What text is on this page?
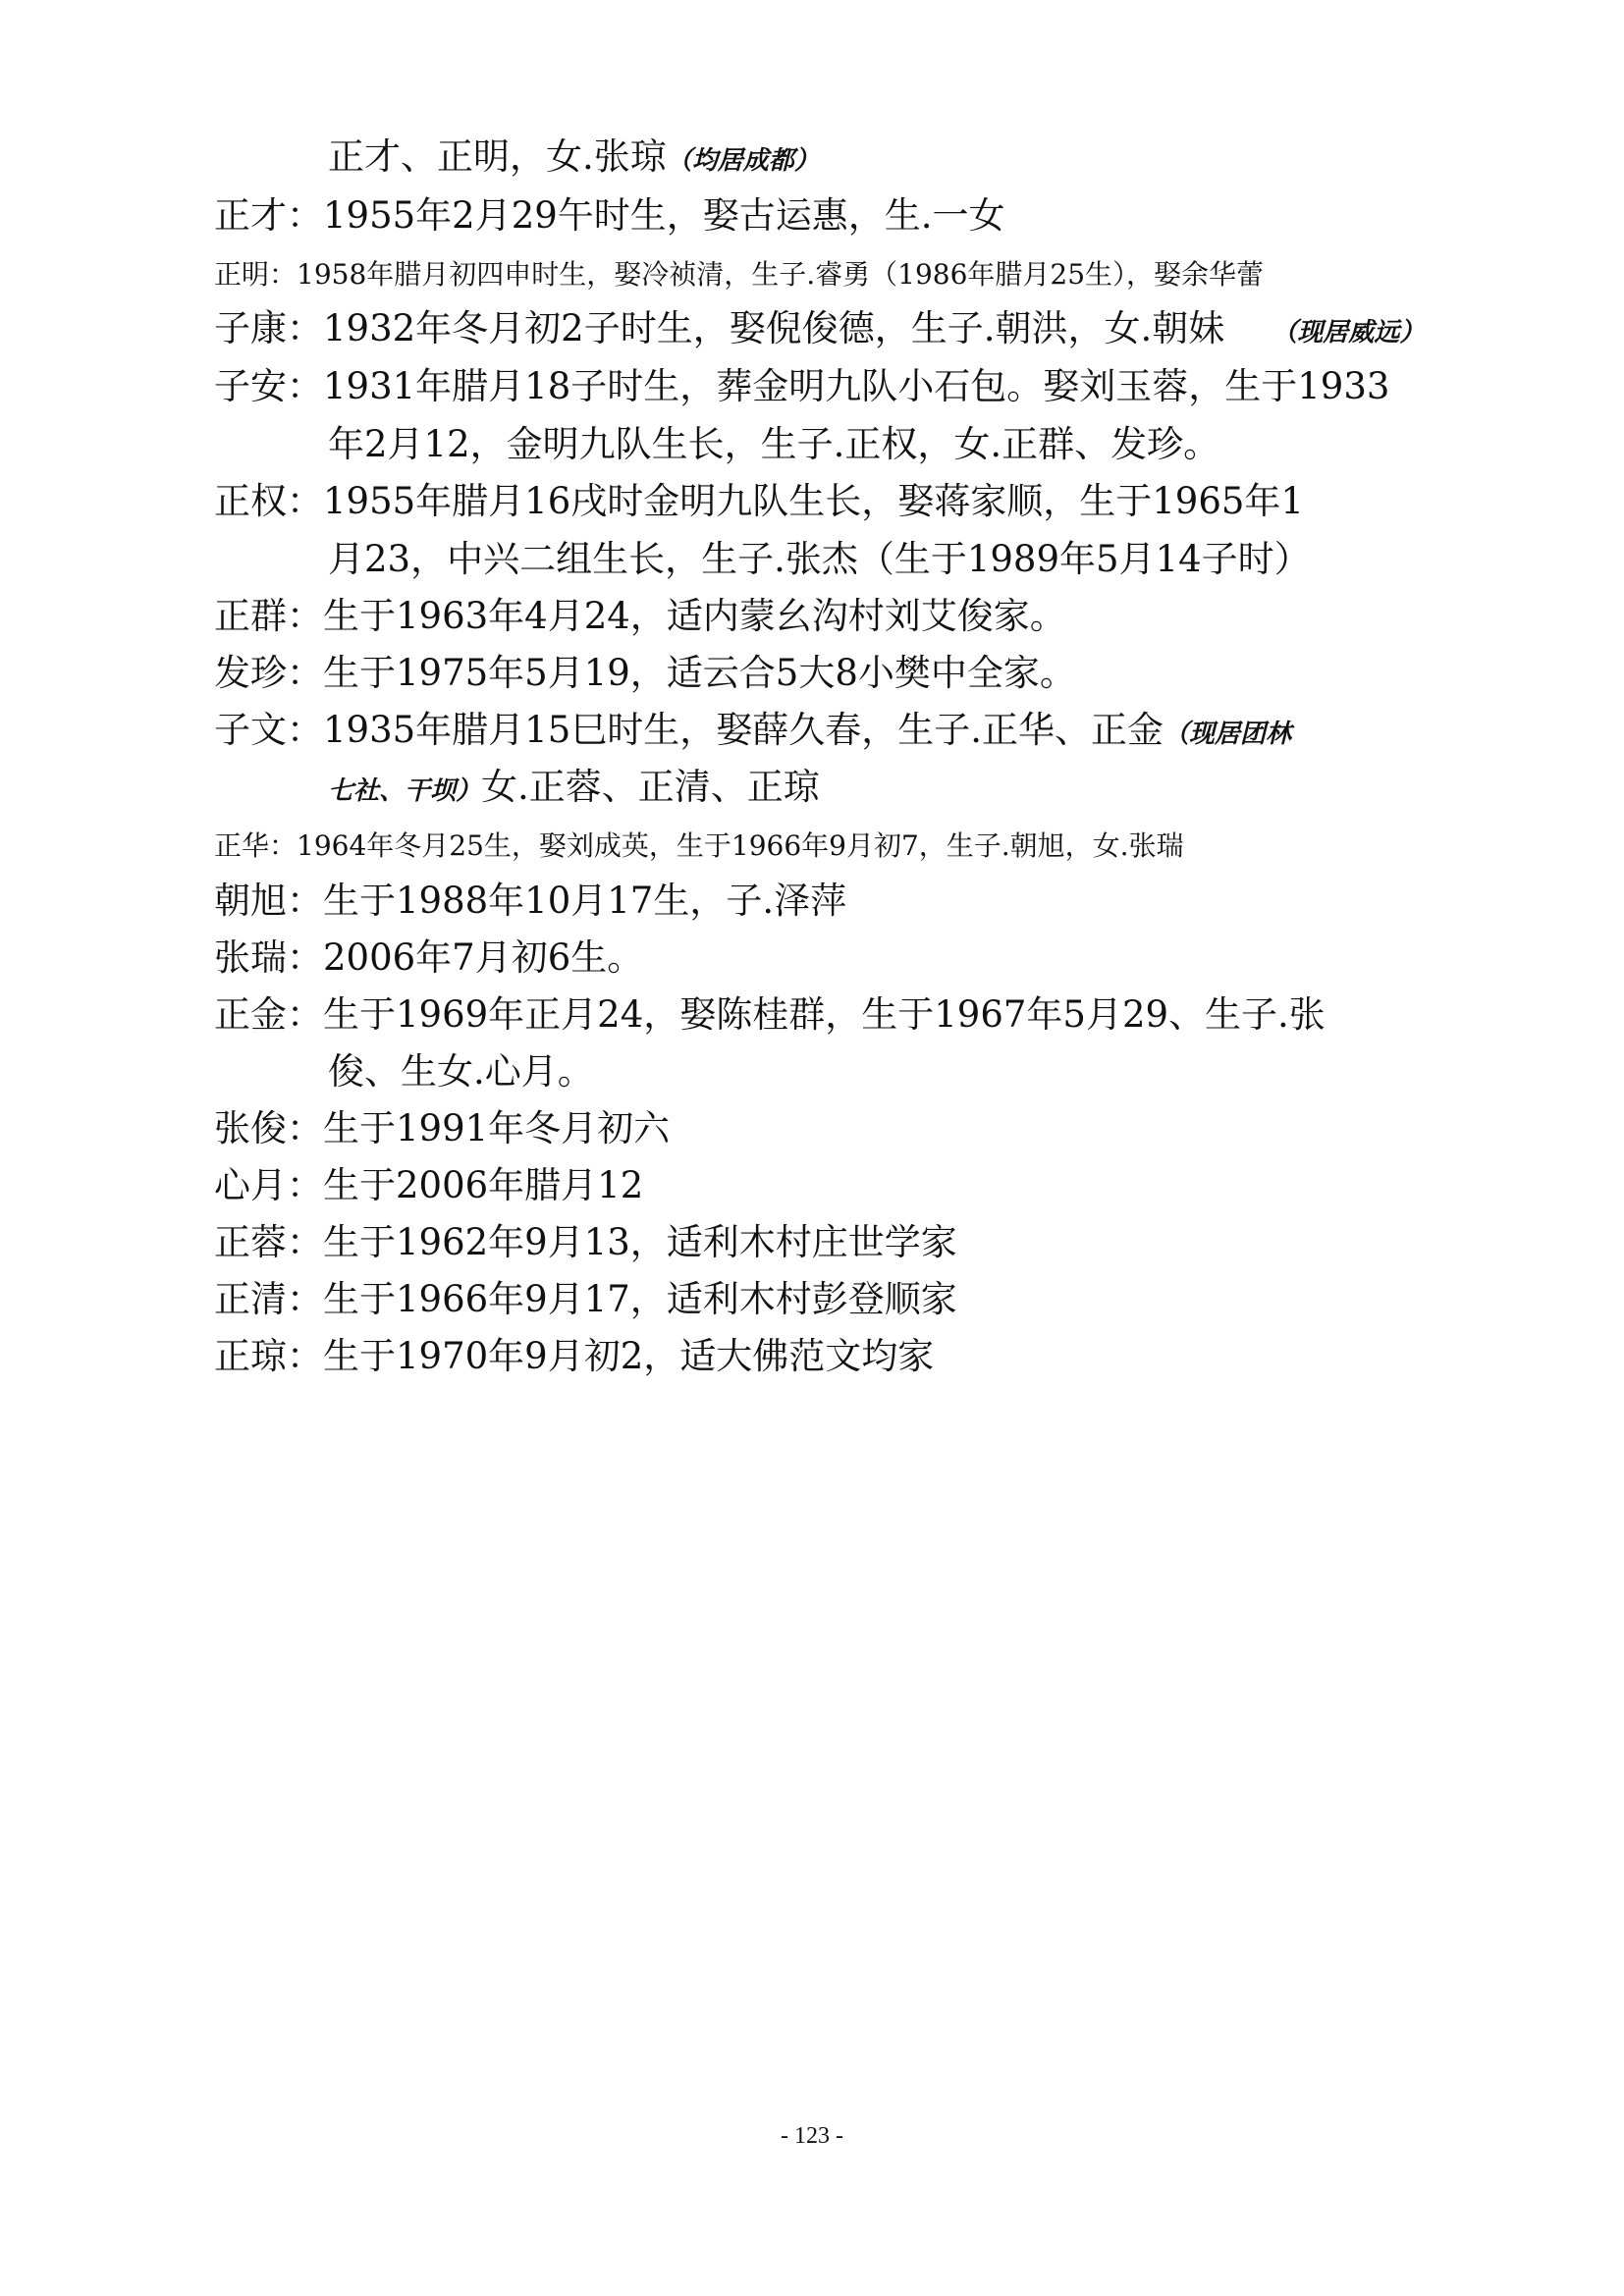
正才、正明，女.张琼（均居成都）
正才：1955年2月29午时生，娶古运惠，生.一女
正明：1958年腊月初四申时生，娶冷祯清，生子.睿勇（1986年腊月25生），娶余华蕾
子康：1932年冬月初2子时生，娶倪俊德，生子.朝洪，女.朝妹 （现居威远）
子安：1931年腊月18子时生，葬金明九队小石包。娶刘玉蓉，生于1933
年2月12，金明九队生长，生子.正权，女.正群、发珍。
正权：1955年腊月16戌时金明九队生长，娶蒋家顺，生于1965年1
月23，中兴二组生长，生子.张杰（生于1989年5月14子时）
正群：生于1963年4月24，适内蒙幺沟村刘艾俊家。
发珍：生于1975年5月19，适云合5大8小樊中全家。
子文：1935年腊月15巳时生，娶薛久春，生子.正华、正金（现居团林
七社、干坝）女.正蓉、正清、正琼
正华：1964年冬月25生，娶刘成英，生于1966年9月初7，生子.朝旭，女.张瑞
朝旭：生于1988年10月17生，子.泽萍
张瑞：2006年7月初6生。
正金：生于1969年正月24，娶陈桂群，生于1967年5月29、生子.张
俊、生女.心月。
张俊：生于1991年冬月初六
心月：生于2006年腊月12
正蓉：生于1962年9月13，适利木村庄世学家
正清：生于1966年9月17，适利木村彭登顺家
正琼：生于1970年9月初2，适大佛范文均家
- 123 -
